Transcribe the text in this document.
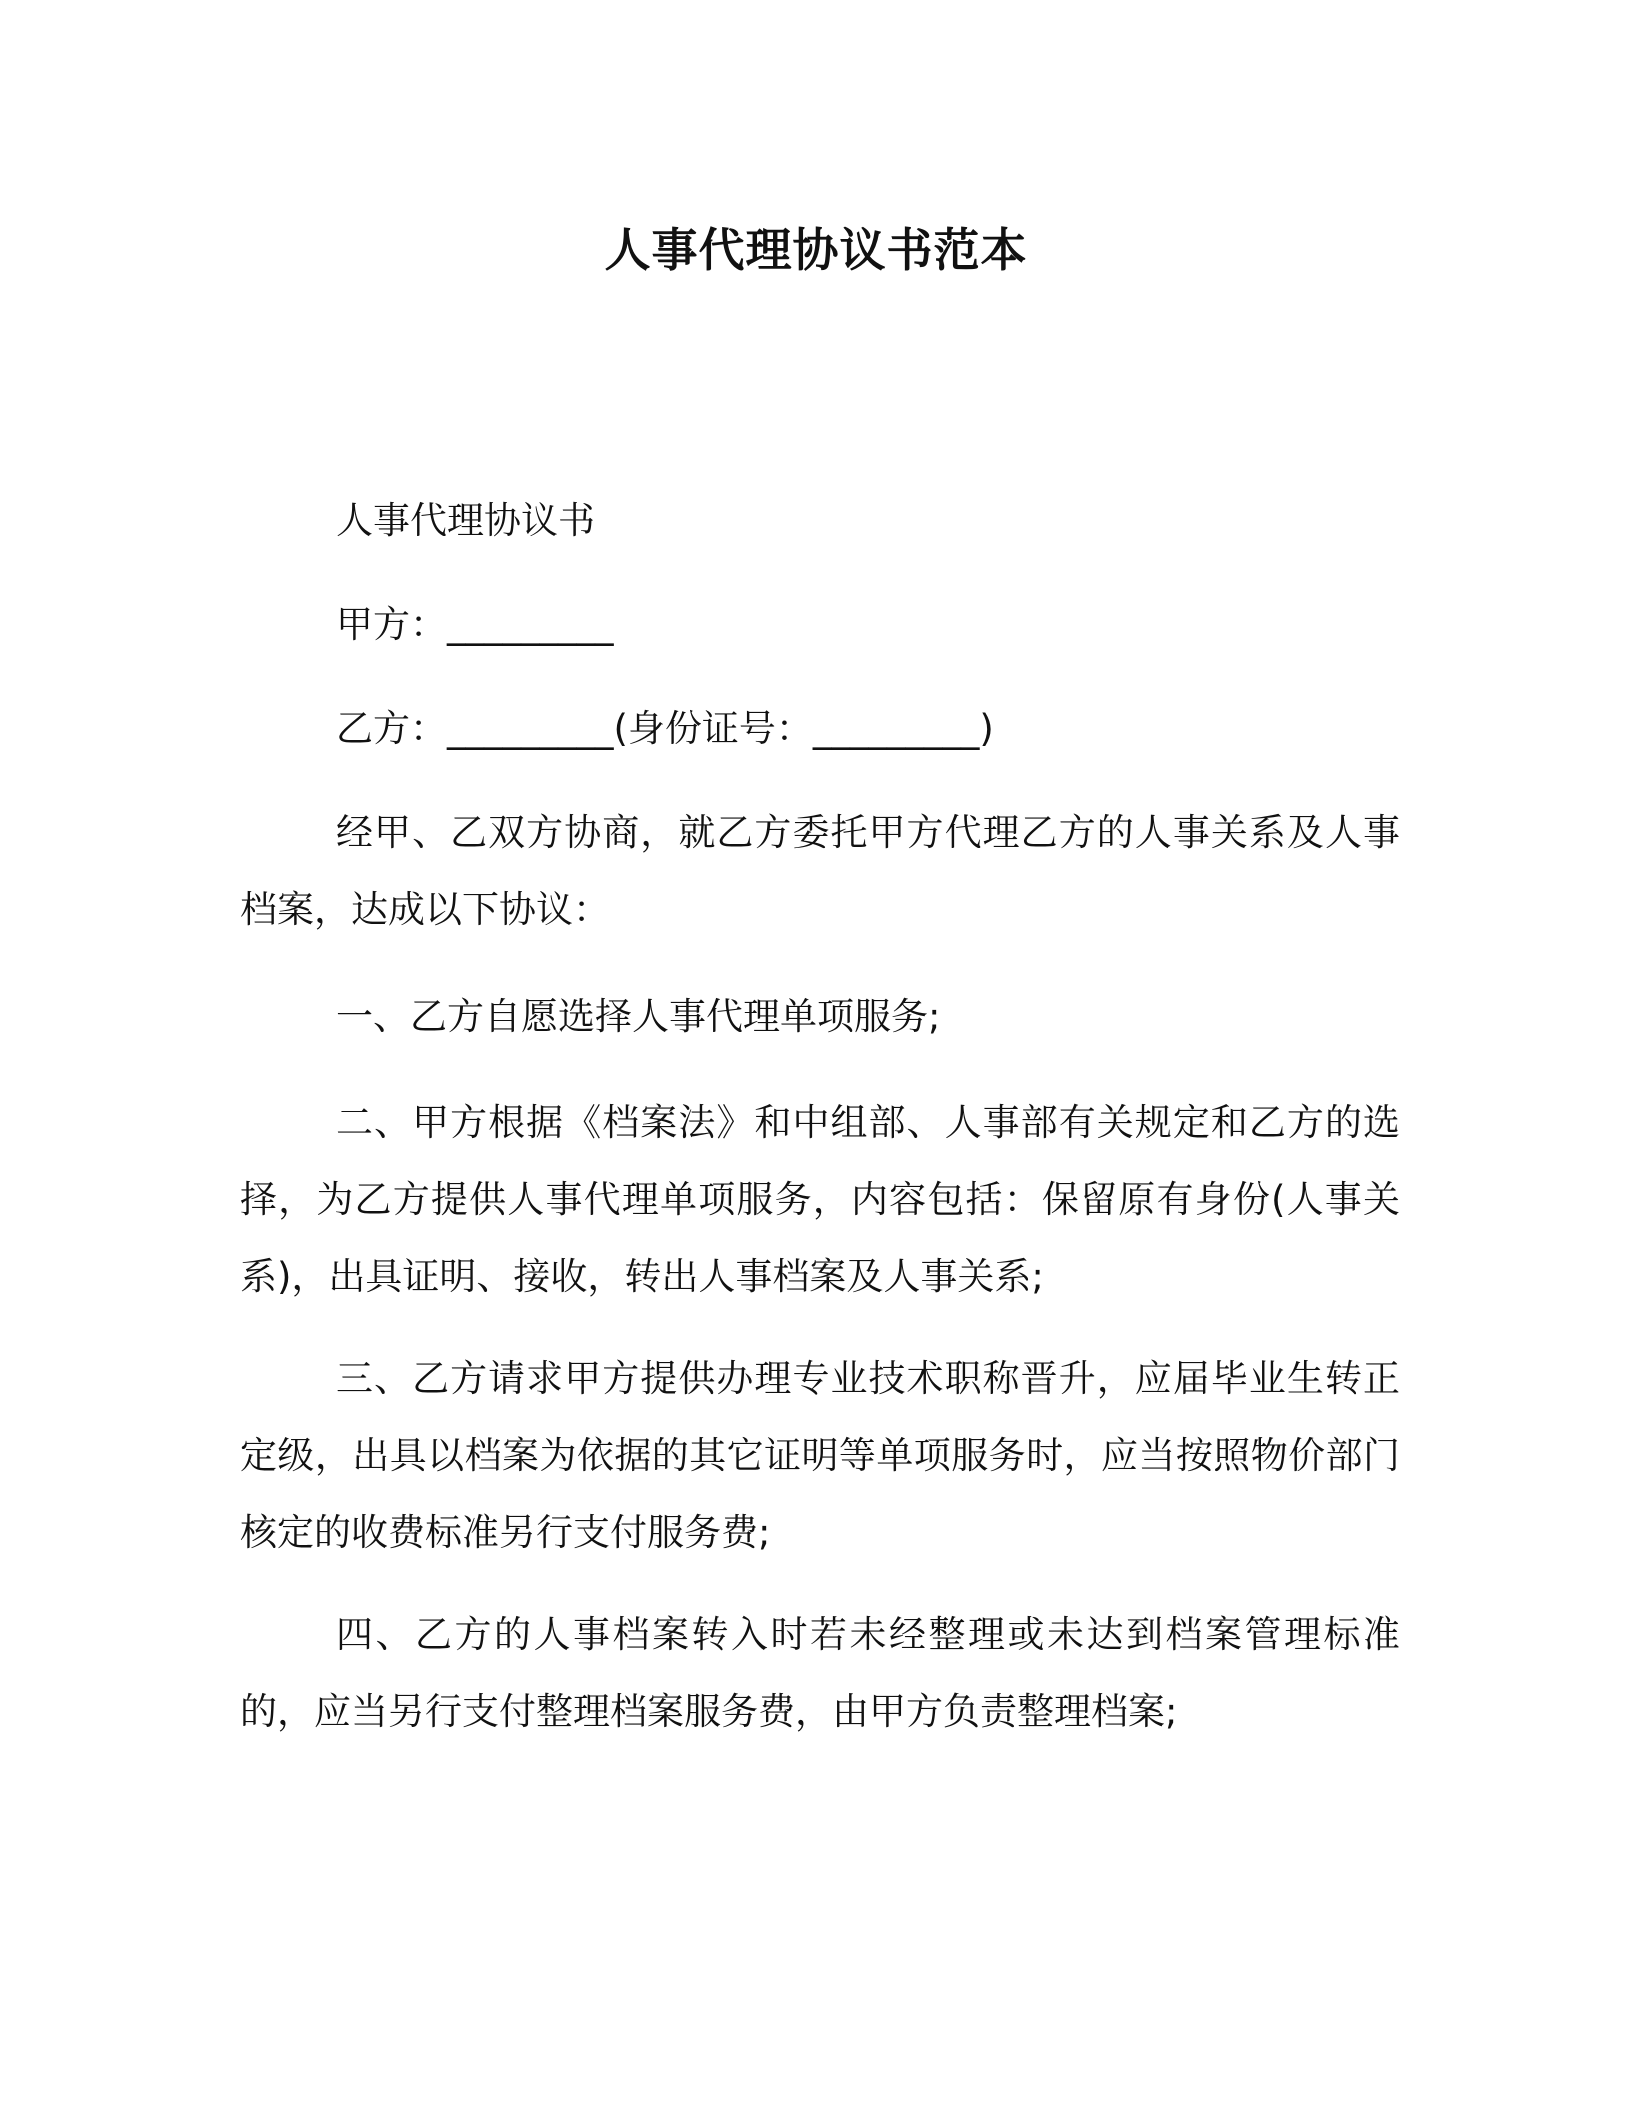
人事代理协议书范本

人事代理协议书

甲方：_________

乙方：_________(身份证号：_________)

经甲、乙双方协商，就乙方委托甲方代理乙方的人事关系及人事档案，达成以下协议：

一、乙方自愿选择人事代理单项服务;

二、甲方根据《档案法》和中组部、人事部有关规定和乙方的选择，为乙方提供人事代理单项服务，内容包括：保留原有身份(人事关系)，出具证明、接收，转出人事档案及人事关系;

三、乙方请求甲方提供办理专业技术职称晋升，应届毕业生转正定级，出具以档案为依据的其它证明等单项服务时，应当按照物价部门核定的收费标准另行支付服务费;

四、乙方的人事档案转入时若未经整理或未达到档案管理标准的，应当另行支付整理档案服务费，由甲方负责整理档案;
